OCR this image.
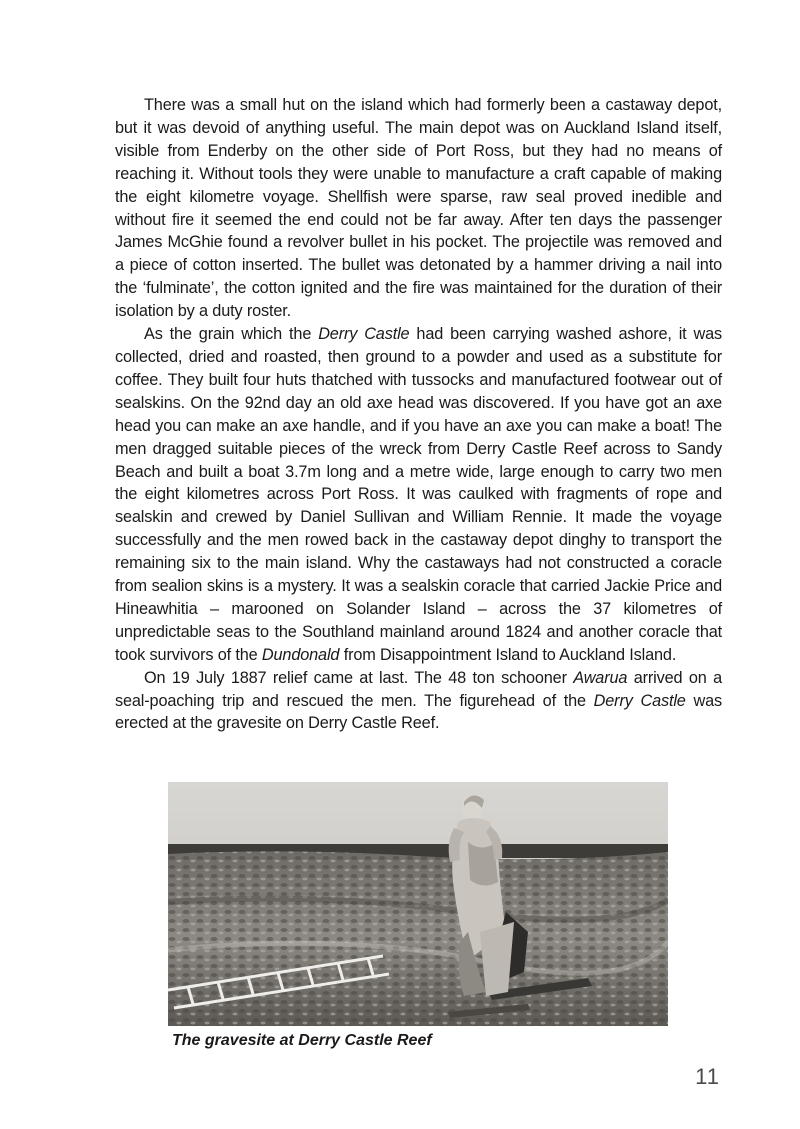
There was a small hut on the island which had formerly been a castaway depot, but it was devoid of anything useful. The main depot was on Auckland Island itself, visible from Enderby on the other side of Port Ross, but they had no means of reaching it. Without tools they were unable to manufacture a craft capable of making the eight kilometre voyage. Shellfish were sparse, raw seal proved inedible and without fire it seemed the end could not be far away. After ten days the passenger James McGhie found a revolver bullet in his pocket. The projectile was removed and a piece of cotton inserted. The bullet was detonated by a hammer driving a nail into the ‘fulminate’, the cotton ignited and the fire was maintained for the duration of their isolation by a duty roster.

As the grain which the Derry Castle had been carrying washed ashore, it was collected, dried and roasted, then ground to a powder and used as a substitute for coffee. They built four huts thatched with tussocks and manufactured footwear out of sealskins. On the 92nd day an old axe head was discovered. If you have got an axe head you can make an axe handle, and if you have an axe you can make a boat! The men dragged suitable pieces of the wreck from Derry Castle Reef across to Sandy Beach and built a boat 3.7m long and a metre wide, large enough to carry two men the eight kilometres across Port Ross. It was caulked with fragments of rope and sealskin and crewed by Daniel Sullivan and William Rennie. It made the voyage successfully and the men rowed back in the castaway depot dinghy to transport the remaining six to the main island. Why the castaways had not constructed a coracle from sealion skins is a mystery. It was a sealskin coracle that carried Jackie Price and Hineawhitia – marooned on Solander Island – across the 37 kilometres of unpredictable seas to the Southland mainland around 1824 and another coracle that took survivors of the Dundonald from Disappointment Island to Auckland Island.

On 19 July 1887 relief came at last. The 48 ton schooner Awarua arrived on a seal-poaching trip and rescued the men. The figurehead of the Derry Castle was erected at the gravesite on Derry Castle Reef.

The gravesite at Derry Castle Reef
11
